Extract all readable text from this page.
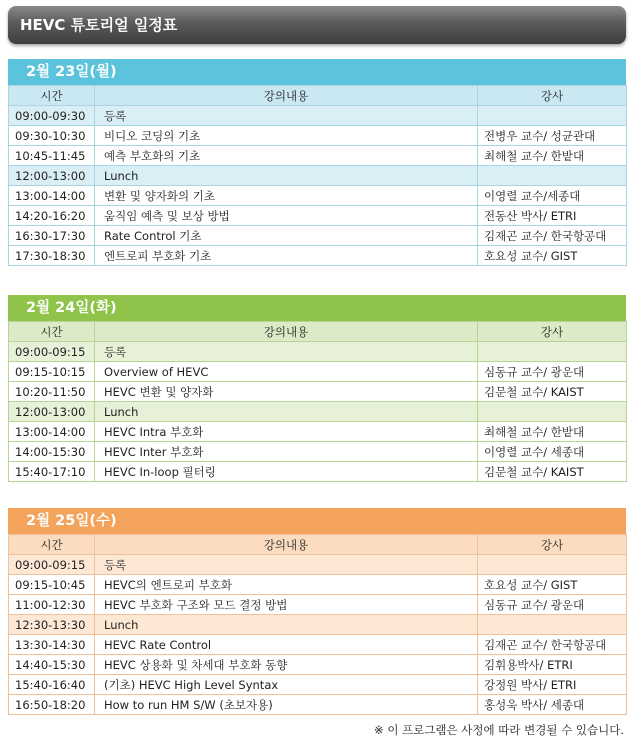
HEVC 튜토리얼 일정표
2월 23일(월)
시간	강의내용	강사
09:00-09:30	등록	
09:30-10:30	비디오 코딩의 기초	전병우 교수/ 성균관대
10:45-11:45	예측 부호화의 기초	최해철 교수/ 한밭대
12:00-13:00	Lunch	
13:00-14:00	변환 및 양자화의 기초	이영렬 교수/세종대
14:20-16:20	움직임 예측 및 보상 방법	전동산 박사/ ETRI
16:30-17:30	Rate Control 기초	김재곤 교수/ 한국항공대
17:30-18:30	엔트로피 부호화 기초	호요성 교수/ GIST
2월 24일(화)
시간	강의내용	강사
09:00-09:15	등록	
09:15-10:15	Overview of HEVC	심동규 교수/ 광운대
10:20-11:50	HEVC 변환 및 양자화	김문철 교수/ KAIST
12:00-13:00	Lunch	
13:00-14:00	HEVC Intra 부호화	최해철 교수/ 한밭대
14:00-15:30	HEVC Inter 부호화	이영렬 교수/ 세종대
15:40-17:10	HEVC In-loop 필터링	김문철 교수/ KAIST
2월 25일(수)
시간	강의내용	강사
09:00-09:15	등록	
09:15-10:45	HEVC의 엔트로피 부호화	호요성 교수/ GIST
11:00-12:30	HEVC 부호화 구조와 모드 결정 방법	심동규 교수/ 광운대
12:30-13:30	Lunch	
13:30-14:30	HEVC Rate Control	김재곤 교수/ 한국항공대
14:40-15:30	HEVC 상용화 및 차세대 부호화 동향	김휘용박사/ ETRI
15:40-16:40	(기초) HEVC High Level Syntax	강정원 박사/ ETRI
16:50-18:20	How to run HM S/W (초보자용)	홍성욱 박사/ 세종대
※ 이 프로그램은 사정에 따라 변경될 수 있습니다.
